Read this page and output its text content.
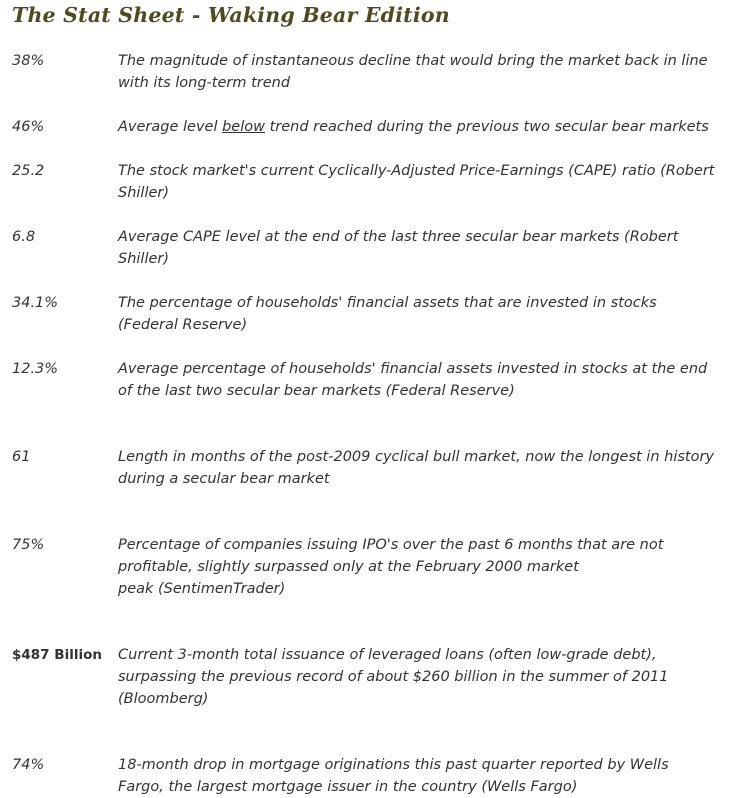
The Stat Sheet - Waking Bear Edition
38%	The magnitude of instantaneous decline that would bring the market back in line
with its long-term trend
46%	Average level below trend reached during the previous two secular bear markets
25.2	The stock market's current Cyclically-Adjusted Price-Earnings (CAPE) ratio (Robert
Shiller)
6.8	Average CAPE level at the end of the last three secular bear markets (Robert
Shiller)
34.1%	The percentage of households' financial assets that are invested in stocks
(Federal Reserve)
12.3%	Average percentage of households' financial assets invested in stocks at the end
of the last two secular bear markets (Federal Reserve)
61	Length in months of the post-2009 cyclical bull market, now the longest in history
during a secular bear market
75%	Percentage of companies issuing IPO's over the past 6 months that are not
profitable, slightly surpassed only at the February 2000 market
peak (SentimenTrader)
$487 Billion	Current 3-month total issuance of leveraged loans (often low-grade debt),
surpassing the previous record of about $260 billion in the summer of 2011
(Bloomberg)
74%	18-month drop in mortgage originations this past quarter reported by Wells
Fargo, the largest mortgage issuer in the country (Wells Fargo)
